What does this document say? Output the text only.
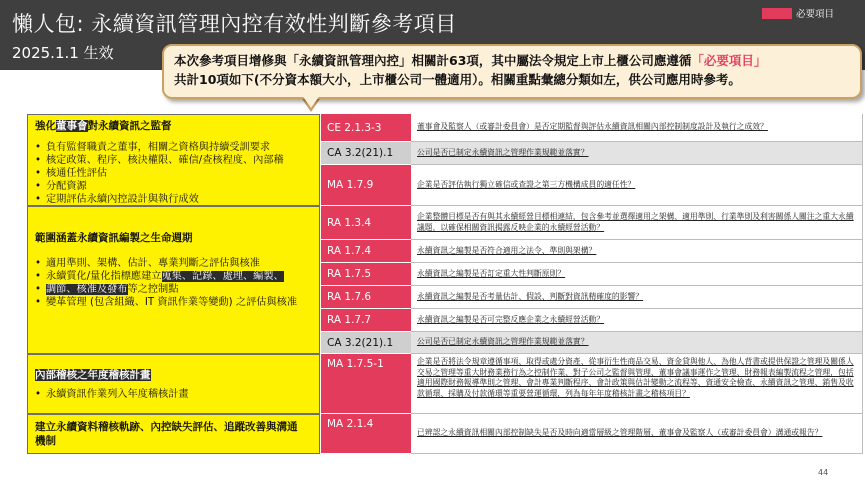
懶人包: 永續資訊管理內控有效性判斷參考項目
2025.1.1 生效
必要項目
本次參考項目增修與「永續資訊管理內控」相關計63項，其中屬法令規定上市上櫃公司應遵循「必要項目」
共計10項如下(不分資本額大小，上市櫃公司一體適用）。相關重點彙總分類如左，供公司應用時參考。
強化董事會對永續資訊之監督
• 負有監督職責之董事，相關之資格與持續受訓要求
• 核定政策、程序、核決權限、確信/查核程度、內部稽
• 核通任性評估
• 分配資源
• 定期評估永續內控設計與執行成效
範圍涵蓋永續資訊編製之生命週期
• 適用準則、架構、估計、專業判斷之評估與核准
• 永續質化/量化指標應建立蒐集、記錄、處理、編製、
• 調節、核准及發布等之控制點
• 變革管理 (包含組織、IT 資訊作業等變動) 之評估與核准
內部稽核之年度稽核計畫
• 永續資訊作業列入年度稽核計畫
建立永續資料稽核軌跡、內控缺失評估、追蹤改善與溝通
機制
CE 2.1.3-3
CA 3.2(21).1
MA 1.7.9
RA 1.3.4
RA 1.7.4
RA 1.7.5
RA 1.7.6
RA 1.7.7
CA 3.2(21).1
MA 1.7.5-1
MA 2.1.4
董事會及監察人（或審計委員會）是否定期監督與評估永續資訊相關內部控制制度設計及執行之成效？
公司是否已制定永續資訊之管理作業規範並落實？
企業是否評估執行獨立確信或查證之第三方機構成員的適任性？
企業整體目標是否有與其永續經營目標相連結，包含參考並選擇適用之架構、適用準則、行業準則及利害關係人關注之重大永續議題，以確保相關資訊揭露反映企業的永續經營活動？
永續資訊之編製是否符合適用之法令、準則與架構？
永續資訊之編製是否訂定重大性判斷原則？
永續資訊之編製是否考量估計、假設、判斷對資訊精確度的影響？
永續資訊之編製是否可完整反應企業之永續經營活動？
公司是否已制定永續資訊之管理作業規範並落實？
企業是否將法令規章遵循事項、取得或處分資產、從事衍生性商品交易、資金貸與他人、為他人背書或提供保證之管理及關係人交易之管理等重大財務業務行為之控制作業、對子公司之監督與管理、董事會議事運作之管理、財務報表編製流程之管理，包括適用國際財務報導準則之管理、會計專業判斷程序、會計政策與估計變動之流程等、資通安全檢查、永續資訊之管理、銷售及收款循環、採購及付款循環等重要營運循環，列為每年年度稽核計畫之稽核項目？
已辨認之永續資訊相關內部控制缺失是否及時向適當層級之管理階層、董事會及監察人（或審計委員會）溝通或報告？
44
